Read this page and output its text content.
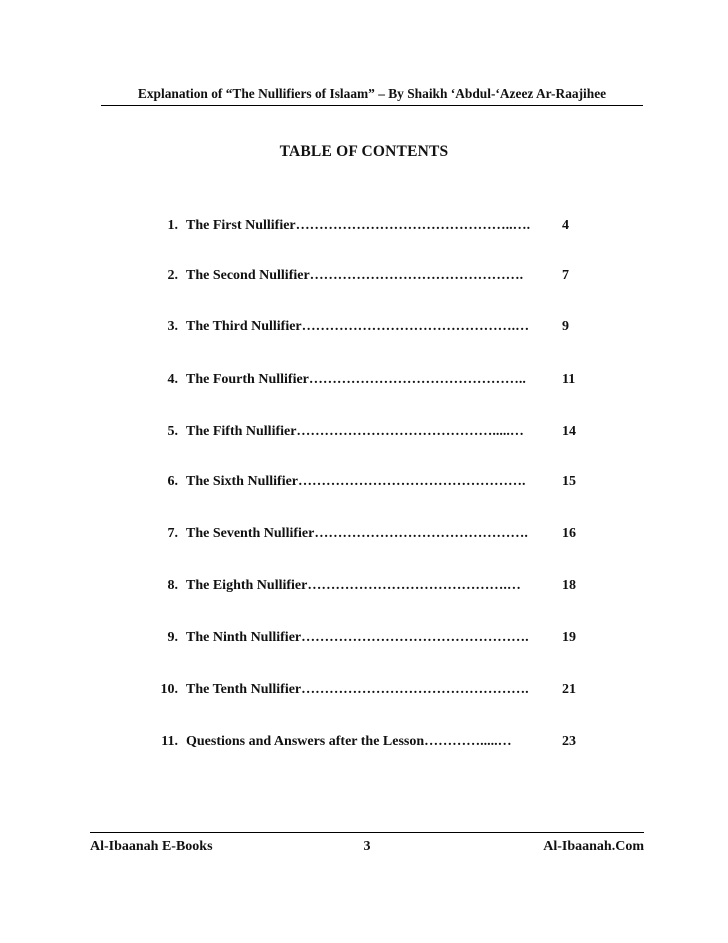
Explanation of “The Nullifiers of Islaam” – By Shaikh ‘Abdul-‘Azeez Ar-Raajihee
TABLE OF CONTENTS
1. The First Nullifier………………………………………..….	4
2. The Second Nullifier……………………………………….	7
3. The Third Nullifier……………………………………….…	9
4. The Fourth Nullifier………………………………………..	11
5. The Fifth Nullifier…………………………………….....…	14
6. The Sixth Nullifier………………………………………….	15
7. The Seventh Nullifier……………………………………….	16
8. The Eighth Nullifier…………………………………….…	18
9. The Ninth Nullifier………………………………………….	19
10. The Tenth Nullifier………………………………………….	21
11. Questions and Answers after the Lesson………….....…	23
Al-Ibaanah E-Books	3	Al-Ibaanah.Com
